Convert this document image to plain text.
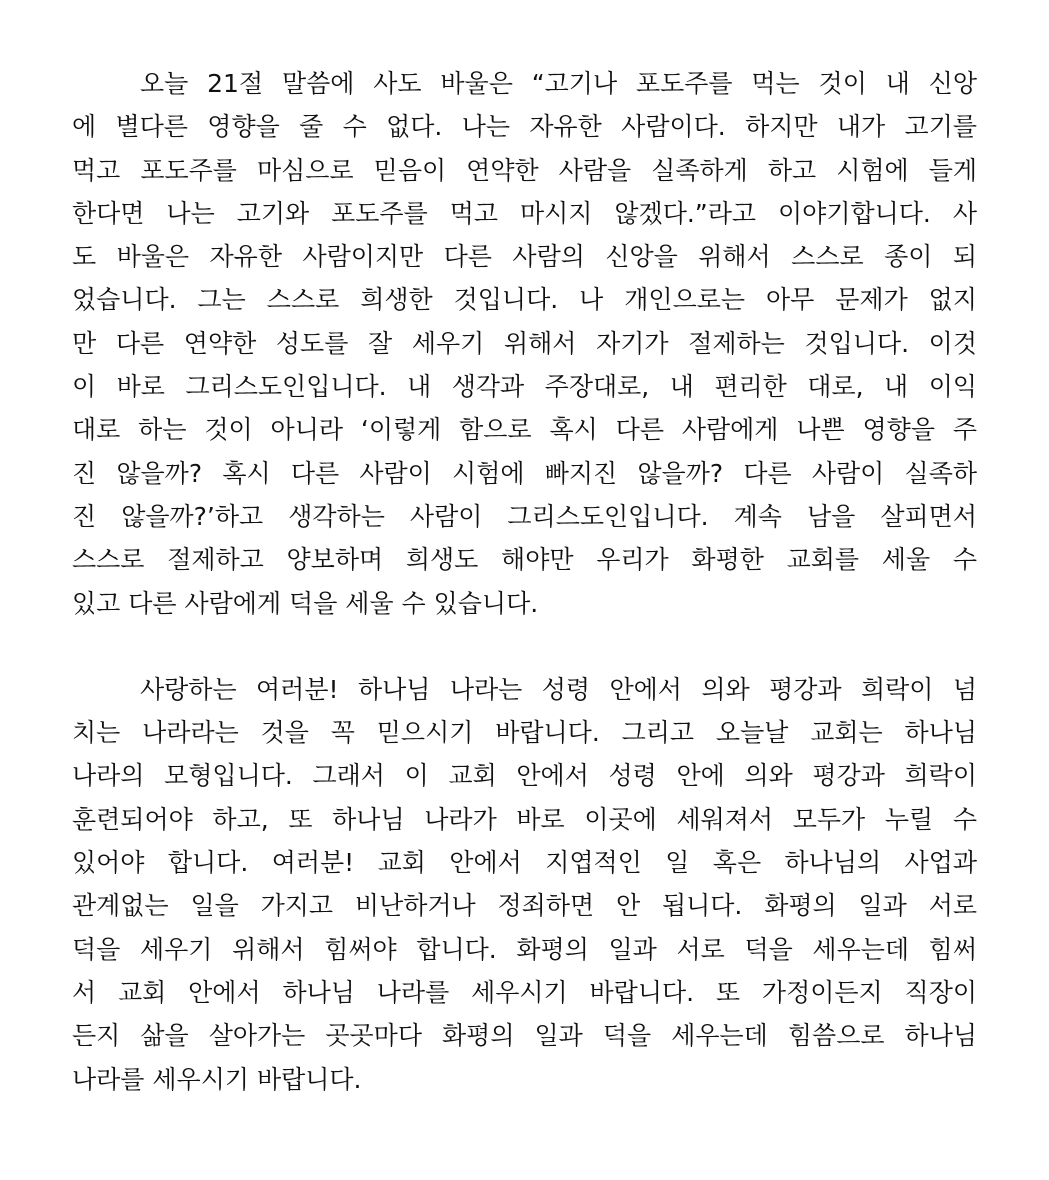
오늘 21절 말씀에 사도 바울은 “고기나 포도주를 먹는 것이 내 신앙
에 별다른 영향을 줄 수 없다. 나는 자유한 사람이다. 하지만 내가 고기를
먹고 포도주를 마심으로 믿음이 연약한 사람을 실족하게 하고 시험에 들게
한다면 나는 고기와 포도주를 먹고 마시지 않겠다.”라고 이야기합니다. 사
도 바울은 자유한 사람이지만 다른 사람의 신앙을 위해서 스스로 종이 되
었습니다. 그는 스스로 희생한 것입니다. 나 개인으로는 아무 문제가 없지
만 다른 연약한 성도를 잘 세우기 위해서 자기가 절제하는 것입니다. 이것
이 바로 그리스도인입니다. 내 생각과 주장대로, 내 편리한 대로, 내 이익
대로 하는 것이 아니라 ‘이렇게 함으로 혹시 다른 사람에게 나쁜 영향을 주
진 않을까? 혹시 다른 사람이 시험에 빠지진 않을까? 다른 사람이 실족하
진 않을까?’하고 생각하는 사람이 그리스도인입니다. 계속 남을 살피면서
스스로 절제하고 양보하며 희생도 해야만 우리가 화평한 교회를 세울 수
있고 다른 사람에게 덕을 세울 수 있습니다.
사랑하는 여러분! 하나님 나라는 성령 안에서 의와 평강과 희락이 넘
치는 나라라는 것을 꼭 믿으시기 바랍니다. 그리고 오늘날 교회는 하나님
나라의 모형입니다. 그래서 이 교회 안에서 성령 안에 의와 평강과 희락이
훈련되어야 하고, 또 하나님 나라가 바로 이곳에 세워져서 모두가 누릴 수
있어야 합니다. 여러분! 교회 안에서 지엽적인 일 혹은 하나님의 사업과
관계없는 일을 가지고 비난하거나 정죄하면 안 됩니다. 화평의 일과 서로
덕을 세우기 위해서 힘써야 합니다. 화평의 일과 서로 덕을 세우는데 힘써
서 교회 안에서 하나님 나라를 세우시기 바랍니다. 또 가정이든지 직장이
든지 삶을 살아가는 곳곳마다 화평의 일과 덕을 세우는데 힘씀으로 하나님
나라를 세우시기 바랍니다.
